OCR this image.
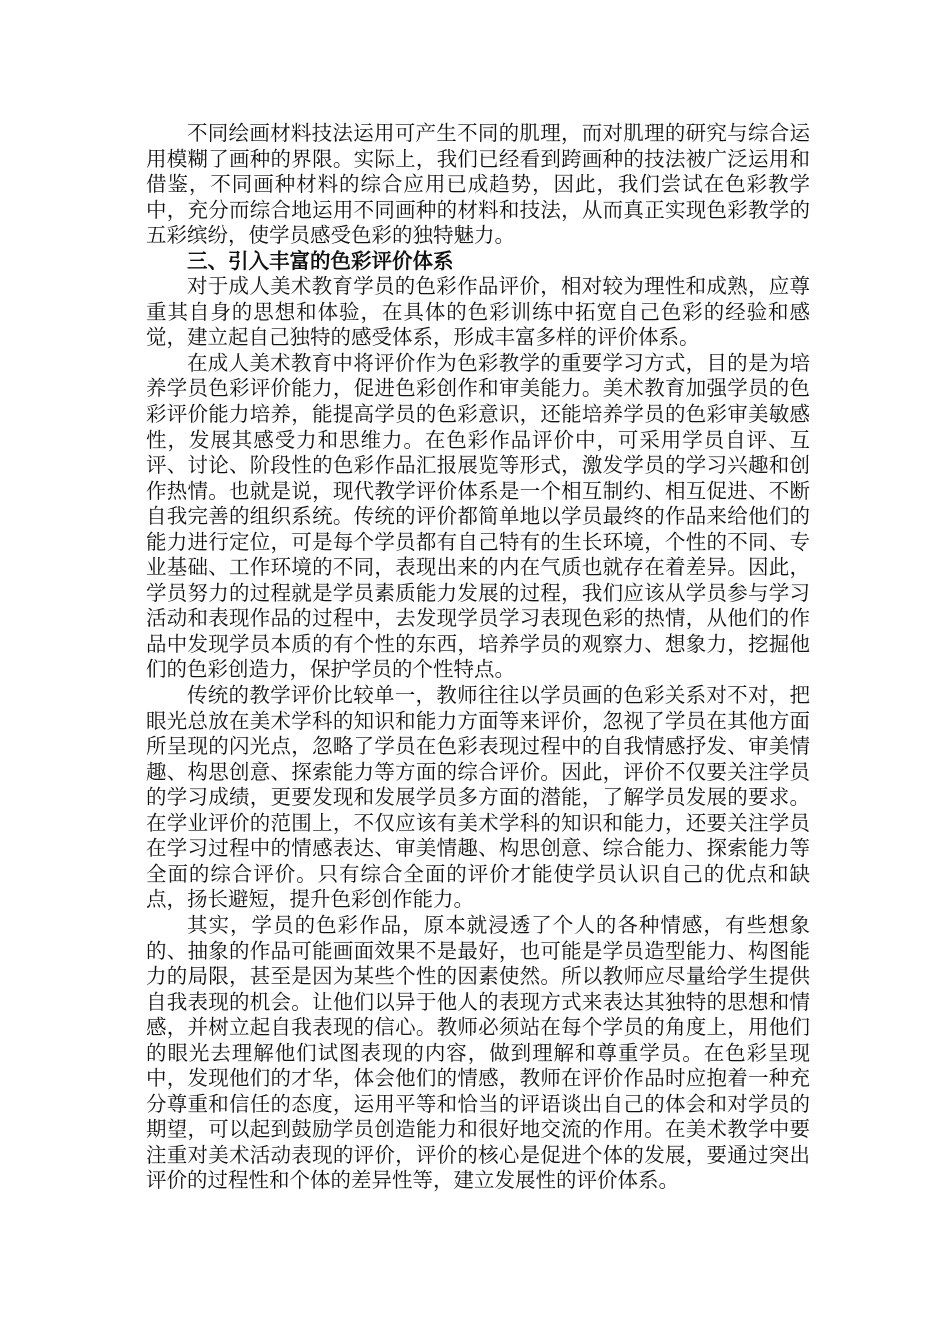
不同绘画材料技法运用可产生不同的肌理，而对肌理的研究与综合运用模糊了画种的界限。实际上，我们已经看到跨画种的技法被广泛运用和借鉴，不同画种材料的综合应用已成趋势，因此，我们尝试在色彩教学中，充分而综合地运用不同画种的材料和技法，从而真正实现色彩教学的五彩缤纷，使学员感受色彩的独特魅力。

三、引入丰富的色彩评价体系

对于成人美术教育学员的色彩作品评价，相对较为理性和成熟，应尊重其自身的思想和体验，在具体的色彩训练中拓宽自己色彩的经验和感觉，建立起自己独特的感受体系，形成丰富多样的评价体系。

在成人美术教育中将评价作为色彩教学的重要学习方式，目的是为培养学员色彩评价能力，促进色彩创作和审美能力。美术教育加强学员的色彩评价能力培养，能提高学员的色彩意识，还能培养学员的色彩审美敏感性，发展其感受力和思维力。在色彩作品评价中，可采用学员自评、互评、讨论、阶段性的色彩作品汇报展览等形式，激发学员的学习兴趣和创作热情。也就是说，现代教学评价体系是一个相互制约、相互促进、不断自我完善的组织系统。传统的评价都简单地以学员最终的作品来给他们的能力进行定位，可是每个学员都有自己特有的生长环境，个性的不同、专业基础、工作环境的不同，表现出来的内在气质也就存在着差异。因此，学员努力的过程就是学员素质能力发展的过程，我们应该从学员参与学习活动和表现作品的过程中，去发现学员学习表现色彩的热情，从他们的作品中发现学员本质的有个性的东西，培养学员的观察力、想象力，挖掘他们的色彩创造力，保护学员的个性特点。

传统的教学评价比较单一，教师往往以学员画的色彩关系对不对，把眼光总放在美术学科的知识和能力方面等来评价，忽视了学员在其他方面所呈现的闪光点，忽略了学员在色彩表现过程中的自我情感抒发、审美情趣、构思创意、探索能力等方面的综合评价。因此，评价不仅要关注学员的学习成绩，更要发现和发展学员多方面的潜能，了解学员发展的要求。在学业评价的范围上，不仅应该有美术学科的知识和能力，还要关注学员在学习过程中的情感表达、审美情趣、构思创意、综合能力、探索能力等全面的综合评价。只有综合全面的评价才能使学员认识自己的优点和缺点，扬长避短，提升色彩创作能力。

其实，学员的色彩作品，原本就浸透了个人的各种情感，有些想象的、抽象的作品可能画面效果不是最好，也可能是学员造型能力、构图能力的局限，甚至是因为某些个性的因素使然。所以教师应尽量给学生提供自我表现的机会。让他们以异于他人的表现方式来表达其独特的思想和情感，并树立起自我表现的信心。教师必须站在每个学员的角度上，用他们的眼光去理解他们试图表现的内容，做到理解和尊重学员。在色彩呈现中，发现他们的才华，体会他们的情感，教师在评价作品时应抱着一种充分尊重和信任的态度，运用平等和恰当的评语谈出自己的体会和对学员的期望，可以起到鼓励学员创造能力和很好地交流的作用。在美术教学中要注重对美术活动表现的评价，评价的核心是促进个体的发展，要通过突出评价的过程性和个体的差异性等，建立发展性的评价体系。
